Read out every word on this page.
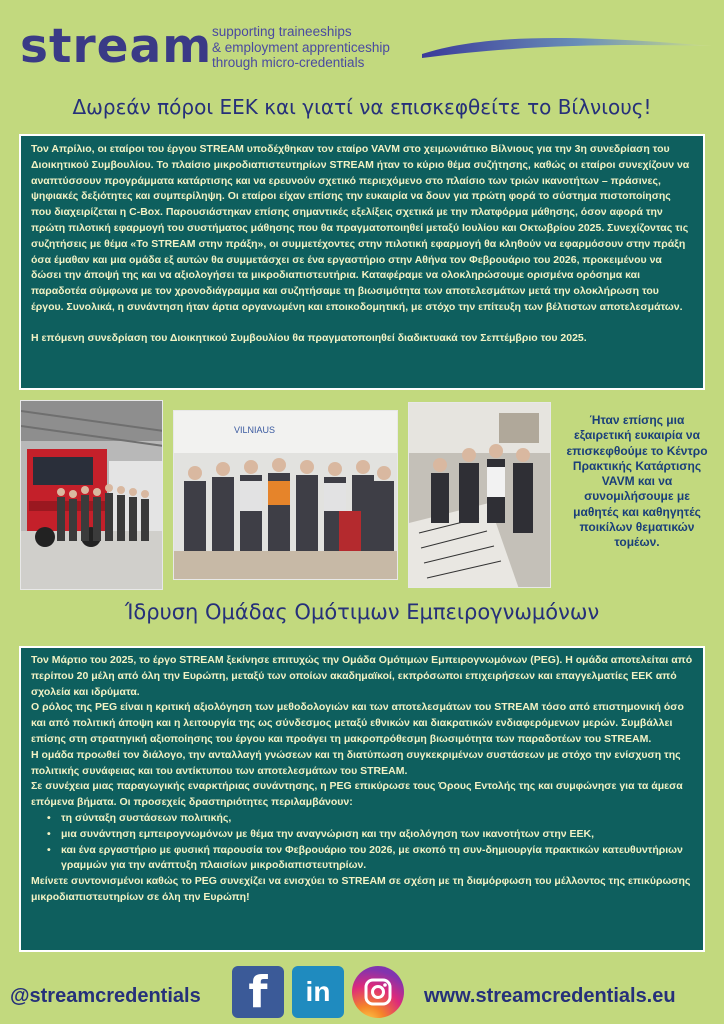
stream supporting traineeships
& employment apprenticeship
through micro-credentials
Δωρεάν πόροι ΕΕΚ και γιατί να επισκεφθείτε το Βίλνιους!

Τον Απρίλιο, οι εταίροι του έργου STREAM υποδέχθηκαν τον εταίρο VAVM στο χειμωνιάτικο Βίλνιους για την 3η συνεδρίαση του Διοικητικού Συμβουλίου. Το πλαίσιο μικροδιαπιστευτηρίων STREAM ήταν το κύριο θέμα συζήτησης, καθώς οι εταίροι συνεχίζουν να αναπτύσσουν προγράμματα κατάρτισης και να ερευνούν σχετικό περιεχόμενο στο πλαίσιο των τριών ικανοτήτων – πράσινες, ψηφιακές δεξιότητες και συμπερίληψη. Οι εταίροι είχαν επίσης την ευκαιρία να δουν για πρώτη φορά το σύστημα πιστοποίησης που διαχειρίζεται η C-Box. Παρουσιάστηκαν επίσης σημαντικές εξελίξεις σχετικά με την πλατφόρμα μάθησης, όσον αφορά την πρώτη πιλοτική εφαρμογή του συστήματος μάθησης που θα πραγματοποιηθεί μεταξύ Ιουλίου και Οκτωβρίου 2025. Συνεχίζοντας τις συζητήσεις με θέμα «Το STREAM στην πράξη», οι συμμετέχοντες στην πιλοτική εφαρμογή θα κληθούν να εφαρμόσουν στην πράξη όσα έμαθαν και μια ομάδα εξ αυτών θα συμμετάσχει σε ένα εργαστήριο στην Αθήνα τον Φεβρουάριο του 2026, προκειμένου να δώσει την άποψή της και να αξιολογήσει τα μικροδιαπιστευτήρια. Καταφέραμε να ολοκληρώσουμε ορισμένα ορόσημα και παραδοτέα σύμφωνα με τον χρονοδιάγραμμα και συζητήσαμε τη βιωσιμότητα των αποτελεσμάτων μετά την ολοκλήρωση του έργου. Συνολικά, η συνάντηση ήταν άρτια οργανωμένη και εποικοδομητική, με στόχο την επίτευξη των βέλτιστων αποτελεσμάτων.

Η επόμενη συνεδρίαση του Διοικητικού Συμβουλίου θα πραγματοποιηθεί διαδικτυακά τον Σεπτέμβριο του 2025.

VILNIAUS
Ήταν επίσης μια εξαιρετική ευκαιρία να επισκεφθούμε το Κέντρο Πρακτικής Κατάρτισης VAVM και να συνομιλήσουμε με μαθητές και καθηγητές ποικίλων θεματικών τομέων.
Ίδρυση Ομάδας Ομότιμων Εμπειρογνωμόνων

Τον Μάρτιο του 2025, το έργο STREAM ξεκίνησε επιτυχώς την Ομάδα Ομότιμων Εμπειρογνωμόνων (PEG). Η ομάδα αποτελείται από περίπου 20 μέλη από όλη την Ευρώπη, μεταξύ των οποίων ακαδημαϊκοί, εκπρόσωποι επιχειρήσεων και επαγγελματίες ΕΕΚ από σχολεία και ιδρύματα.

Ο ρόλος της PEG είναι η κριτική αξιολόγηση των μεθοδολογιών και των αποτελεσμάτων του STREAM τόσο από επιστημονική όσο και από πολιτική άποψη και η λειτουργία της ως σύνδεσμος μεταξύ εθνικών και διακρατικών ενδιαφερόμενων μερών. Συμβάλλει επίσης στη στρατηγική αξιοποίησης του έργου και προάγει τη μακροπρόθεσμη βιωσιμότητα των παραδοτέων του STREAM.

Η ομάδα προωθεί τον διάλογο, την ανταλλαγή γνώσεων και τη διατύπωση συγκεκριμένων συστάσεων με στόχο την ενίσχυση της πολιτικής συνάφειας και του αντίκτυπου των αποτελεσμάτων του STREAM.

Σε συνέχεια μιας παραγωγικής εναρκτήριας συνάντησης, η PEG επικύρωσε τους Όρους Εντολής της και συμφώνησε για τα άμεσα επόμενα βήματα. Οι προσεχείς δραστηριότητες περιλαμβάνουν:

• τη σύνταξη συστάσεων πολιτικής,
• μια συνάντηση εμπειρογνωμόνων με θέμα την αναγνώριση και την αξιολόγηση των ικανοτήτων στην ΕΕΚ,
• και ένα εργαστήριο με φυσική παρουσία τον Φεβρουάριο του 2026, με σκοπό τη συν-δημιουργία πρακτικών κατευθυντήριων γραμμών για την ανάπτυξη πλαισίων μικροδιαπιστευτηρίων.

Μείνετε συντονισμένοι καθώς το PEG συνεχίζει να ενισχύει το STREAM σε σχέση με τη διαμόρφωση του μέλλοντος της επικύρωσης μικροδιαπιστευτηρίων σε όλη την Ευρώπη!

@streamcredentials f in	www.streamcredentials.eu
